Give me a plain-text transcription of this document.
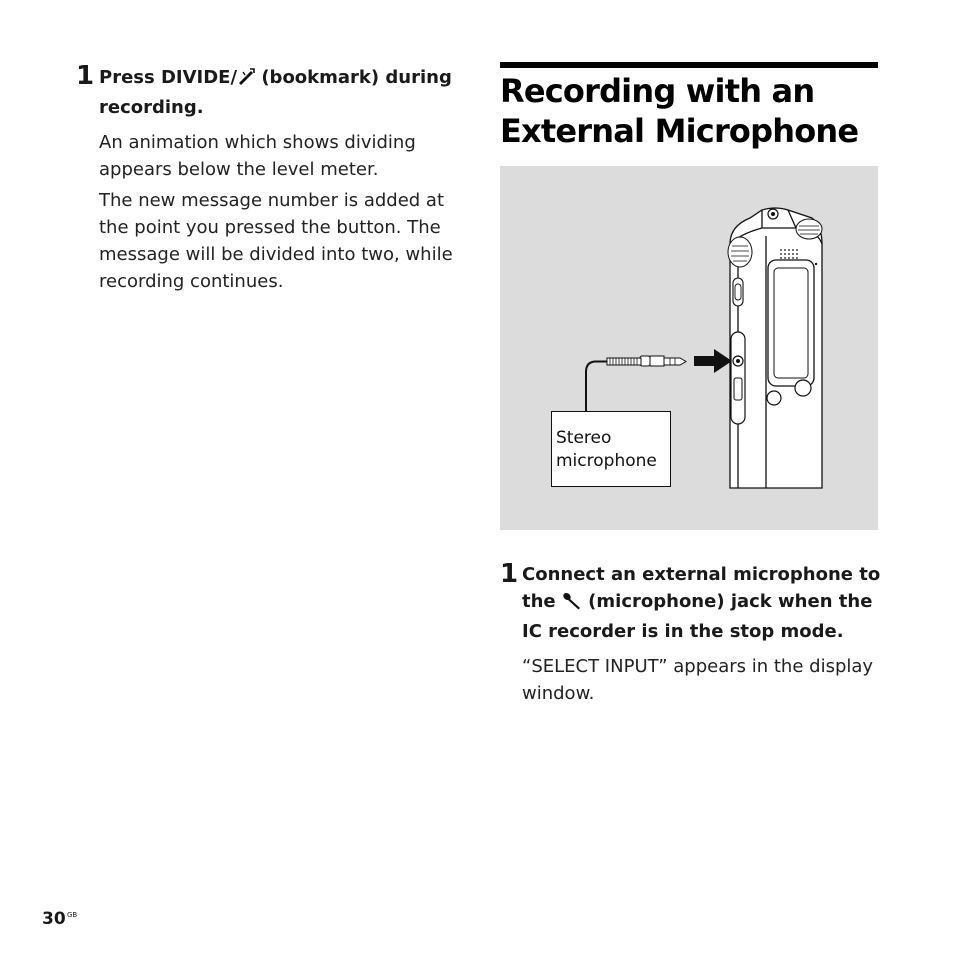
1 Press DIVIDE/ (bookmark) during recording.

An animation which shows dividing appears below the level meter.

The new message number is added at the point you pressed the button. The message will be divided into two, while recording continues.

Recording with an
External Microphone
Stereo
microphone
1 Connect an external microphone to the  (microphone) jack when the IC recorder is in the stop mode.

“SELECT INPUT” appears in the display window.

30 GB
